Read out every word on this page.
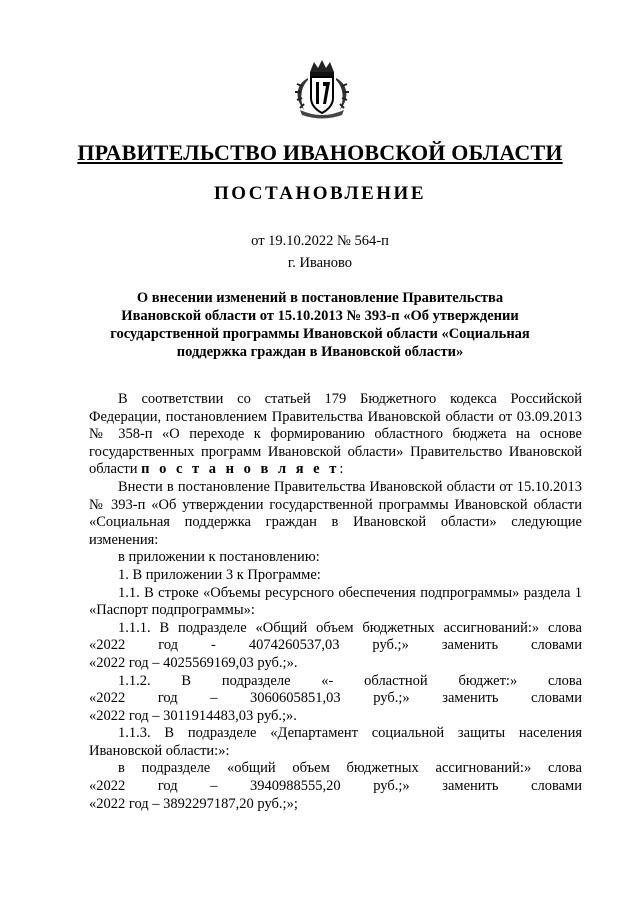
ПРАВИТЕЛЬСТВО ИВАНОВСКОЙ ОБЛАСТИ
ПОСТАНОВЛЕНИЕ
от 19.10.2022 № 564-п
г. Иваново
О внесении изменений в постановление Правительства
Ивановской области от 15.10.2013 № 393-п «Об утверждении
государственной программы Ивановской области «Социальная
поддержка граждан в Ивановской области»

В соответствии со статьей 179 Бюджетного кодекса Российской Федерации, постановлением Правительства Ивановской области от 03.09.2013 № 358-п «О переходе к формированию областного бюджета на основе государственных программ Ивановской области» Правительство Ивановской области п о с т а н о в л я е т:

Внести в постановление Правительства Ивановской области от 15.10.2013 № 393-п «Об утверждении государственной программы Ивановской области «Социальная поддержка граждан в Ивановской области» следующие изменения:

в приложении к постановлению:

1. В приложении 3 к Программе:

1.1. В строке «Объемы ресурсного обеспечения подпрограммы» раздела 1 «Паспорт подпрограммы»:

1.1.1. В подразделе «Общий объем бюджетных ассигнований:» слова

«2022 год - 4074260537,03 руб.;» заменить словами

«2022 год – 4025569169,03 руб.;».

1.1.2. В подразделе «- областной бюджет:» слова

«2022 год – 3060605851,03 руб.;» заменить словами

«2022 год – 3011914483,03 руб.;».

1.1.3. В подразделе «Департамент социальной защиты населения Ивановской области:»:

в подразделе «общий объем бюджетных ассигнований:» слова

«2022 год – 3940988555,20 руб.;» заменить словами

«2022 год – 3892297187,20 руб.;»;
